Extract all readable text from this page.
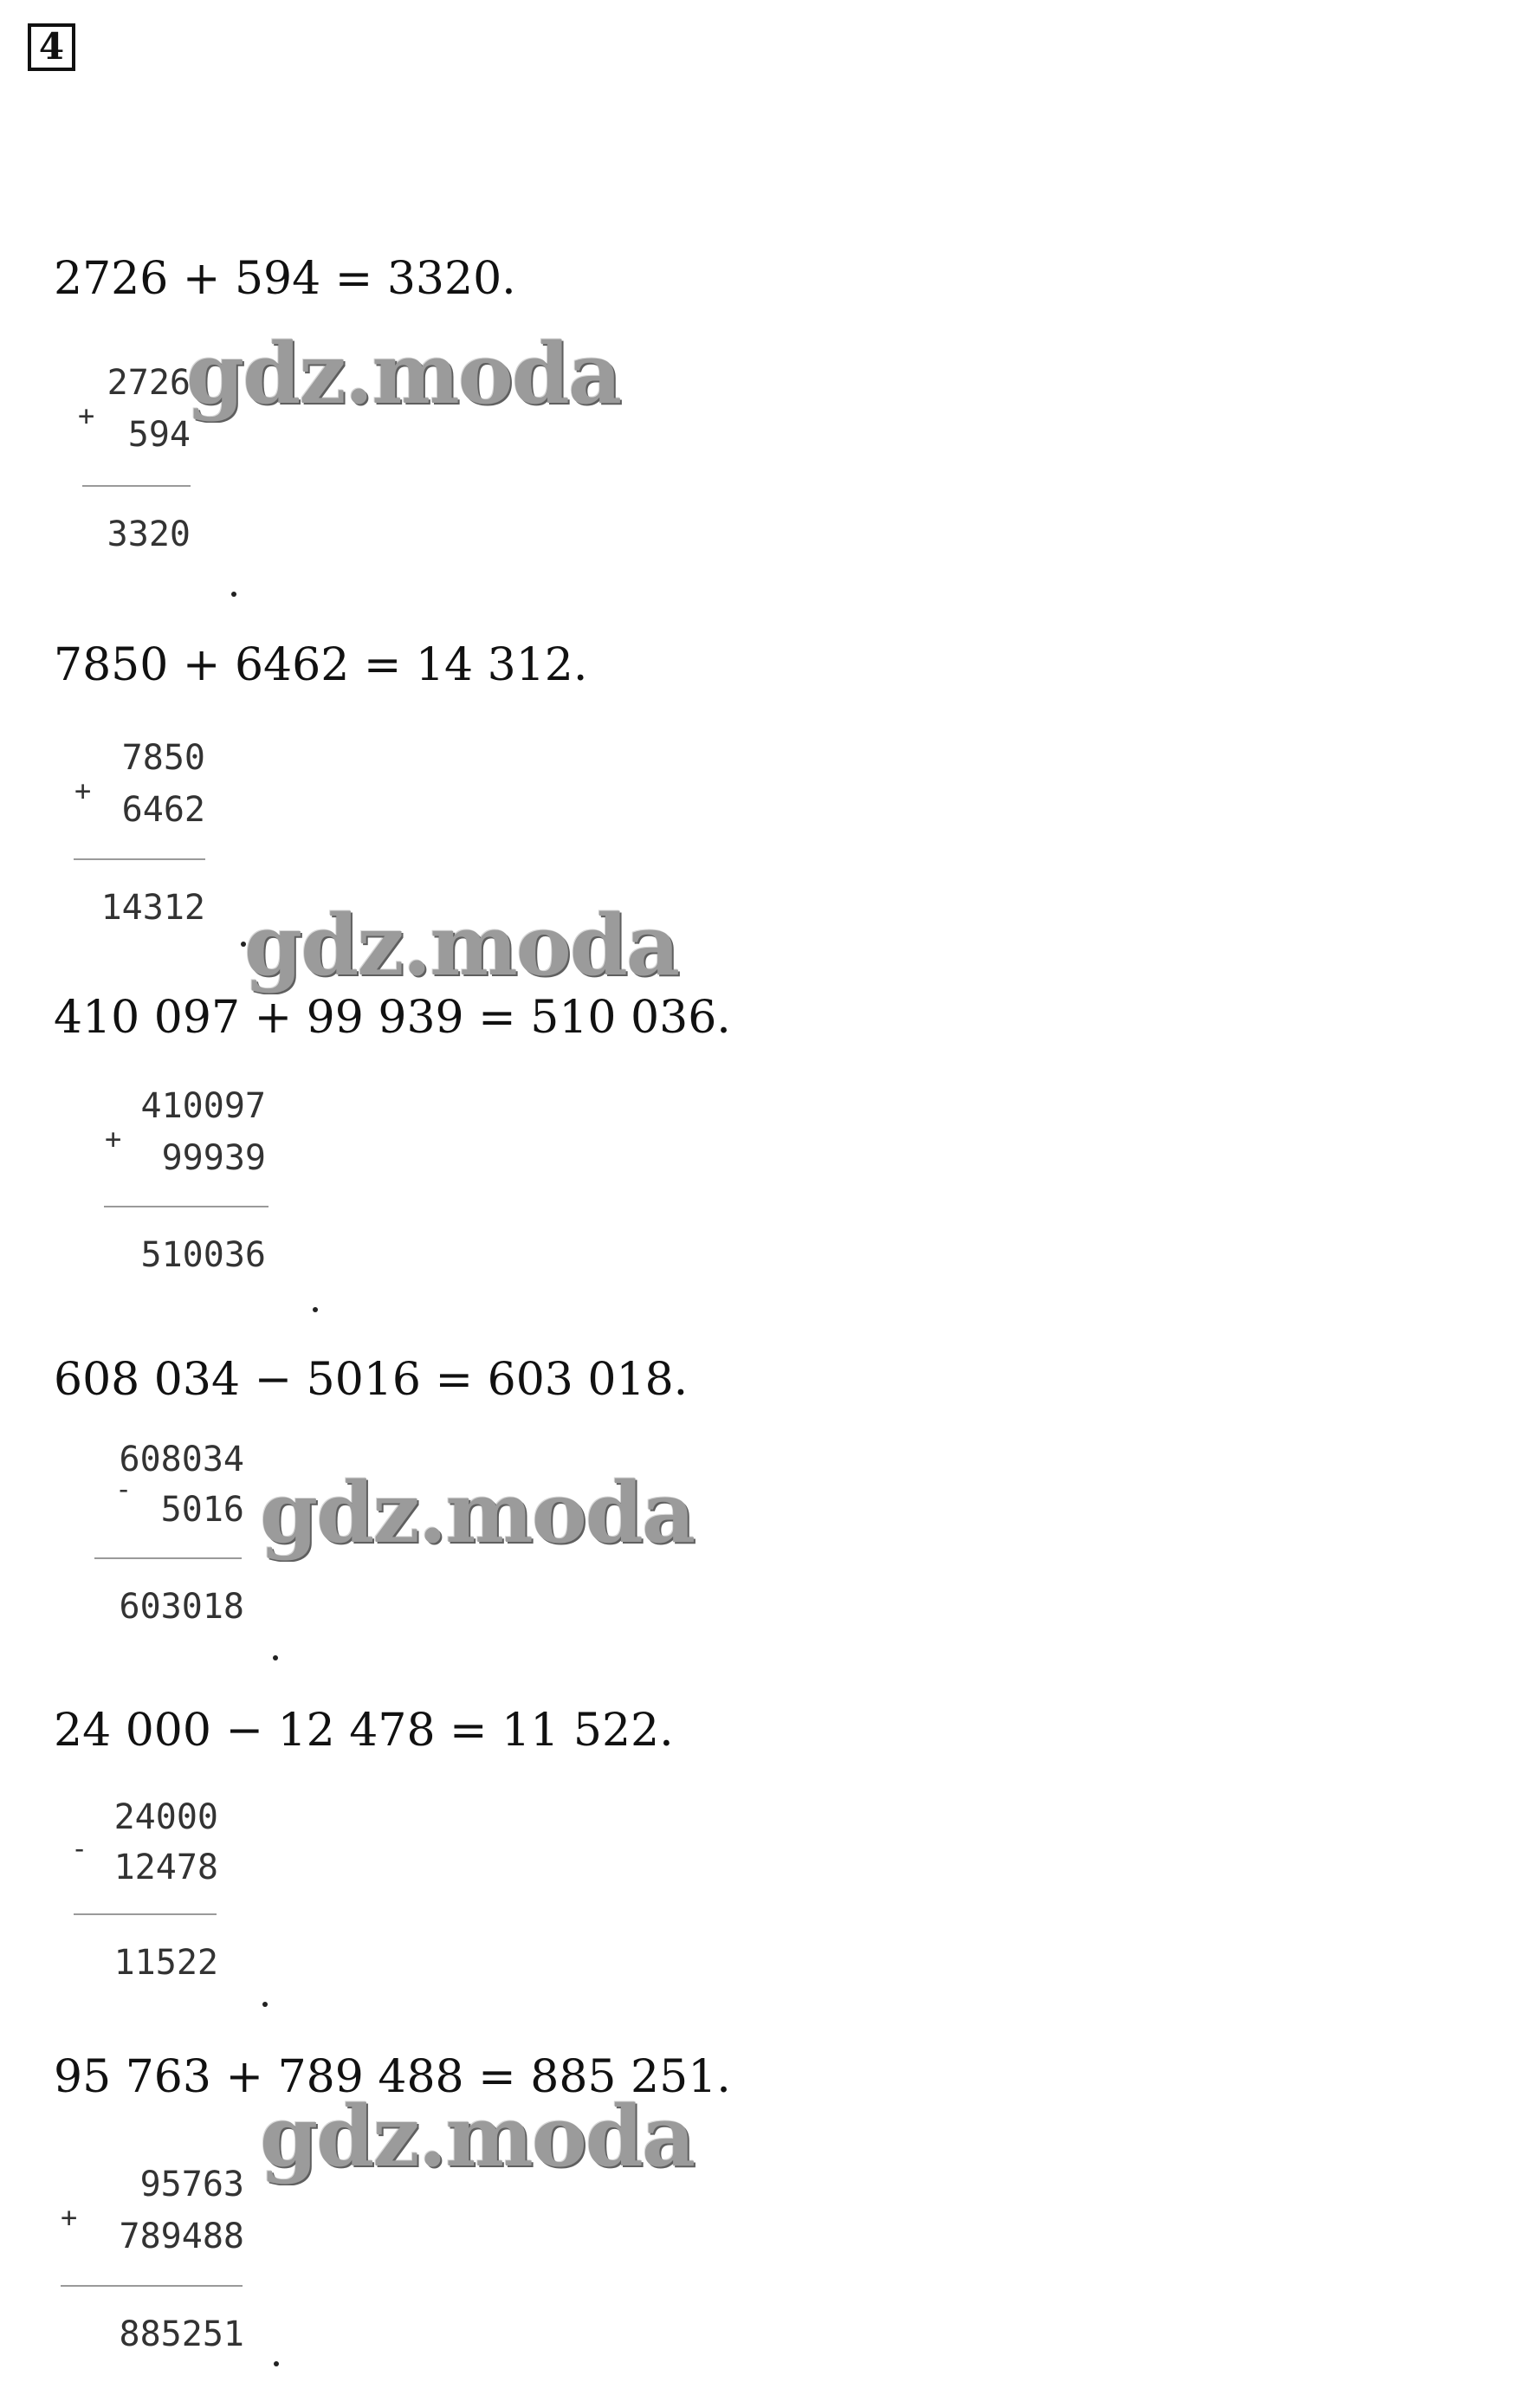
4
2726 + 594 = 3320.
2726
+ 594
3320
7850 + 6462 = 14 312.
7850
+ 6462
14312
410 097 + 99 939 = 510 036.
410097
+ 99939
510036
608 034 − 5016 = 603 018.
608034
-
5016
603018
24 000 − 12 478 = 11 522.
24000
- 12478
11522
95 763 + 789 488 = 885 251.
95763
+ 789488
885251
gdz.moda
gdz.moda
gdz.moda
gdz.moda
